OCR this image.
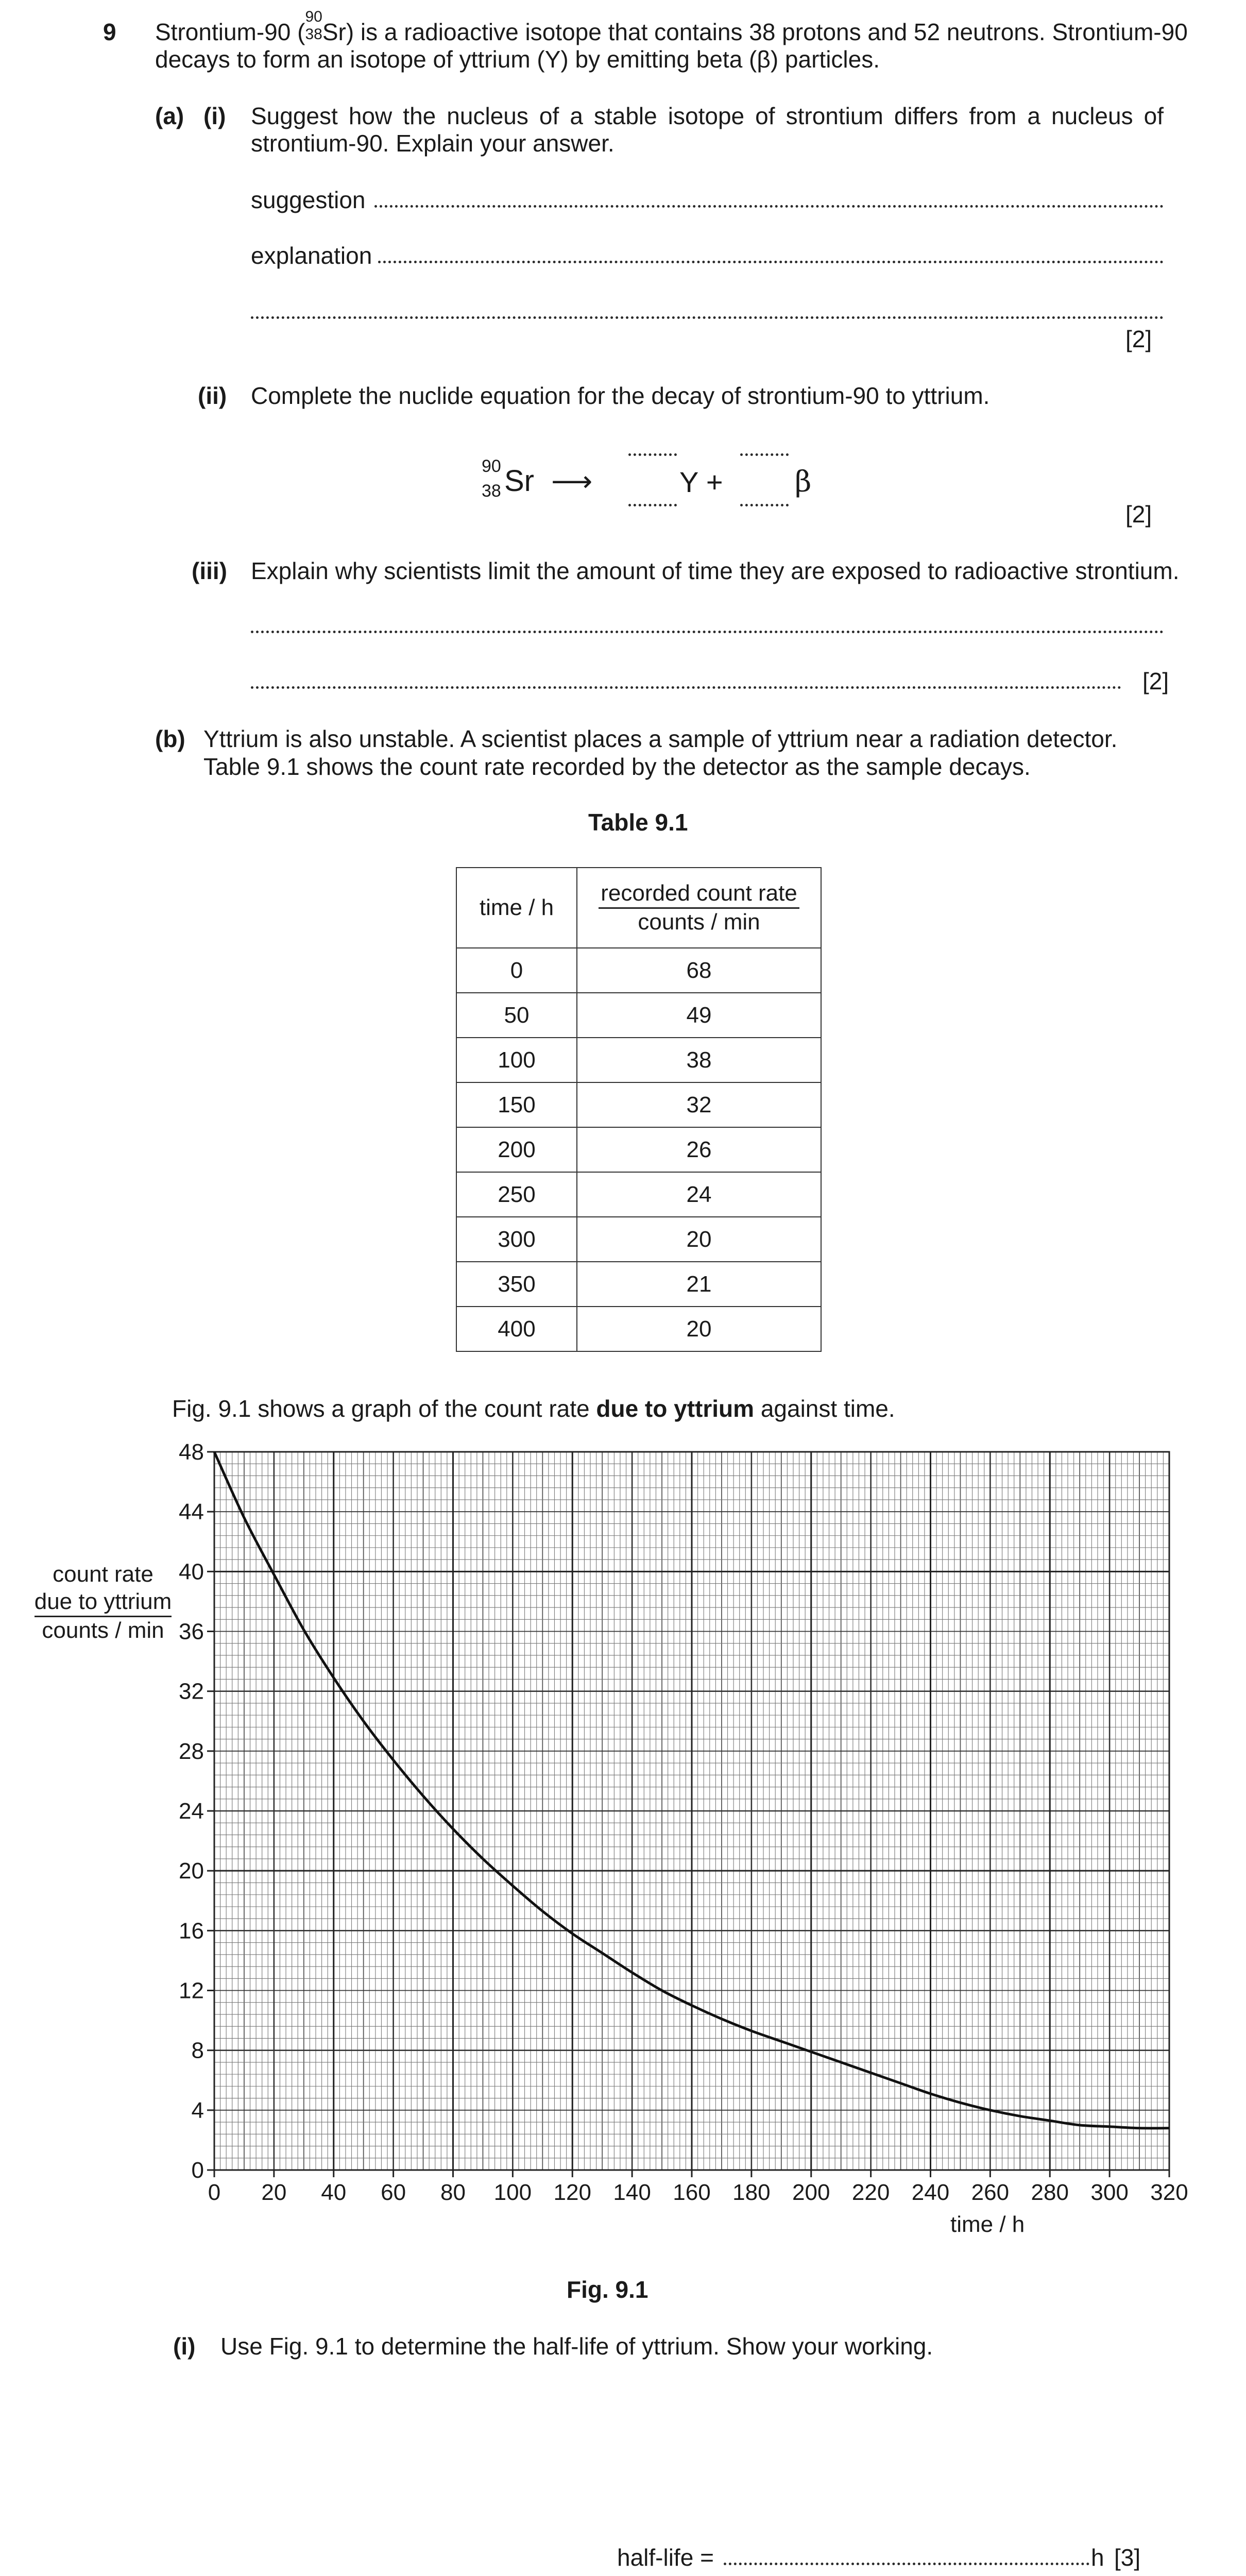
9 Strontium-90 (
90
38 Sr) is a radioactive isotope that contains 38 protons and 52 neutrons. Strontium-90
decays to form an isotope of yttrium (Y) by emitting beta (β) particles.
(a) (i) Suggest how the nucleus of a stable isotope of strontium differs from a nucleus of strontium-90. Explain your answer.
suggestion
explanation
[2]
(ii) Complete the nuclide equation for the decay of strontium-90 to yttrium.
90
38 Sr ⟶	Y + β
[2]
(iii) Explain why scientists limit the amount of time they are exposed to radioactive strontium.
[2]
(b) Yttrium is also unstable. A scientist places a sample of yttrium near a radiation detector.
Table 9.1 shows the count rate recorded by the detector as the sample decays.
Table 9.1
time / h	$\frac{\text{recorded count rate}}{\text{counts / min}}$

0	68
50	49
100	38
150	32
200	26
250	24
300	20
350	21
400	20
Fig. 9.1 shows a graph of the count rate due to yttrium against time.
count rate
due to yttrium
counts / min
0 20 40 60 80 100 120 140 160 180 200 220 240 260 280 300 320
0
4
8
12
16
20
24
28
32
36
40
44
48
time / h
Fig. 9.1
(i) Use Fig. 9.1 to determine the half-life of yttrium. Show your working.
half-life =	h [3]
